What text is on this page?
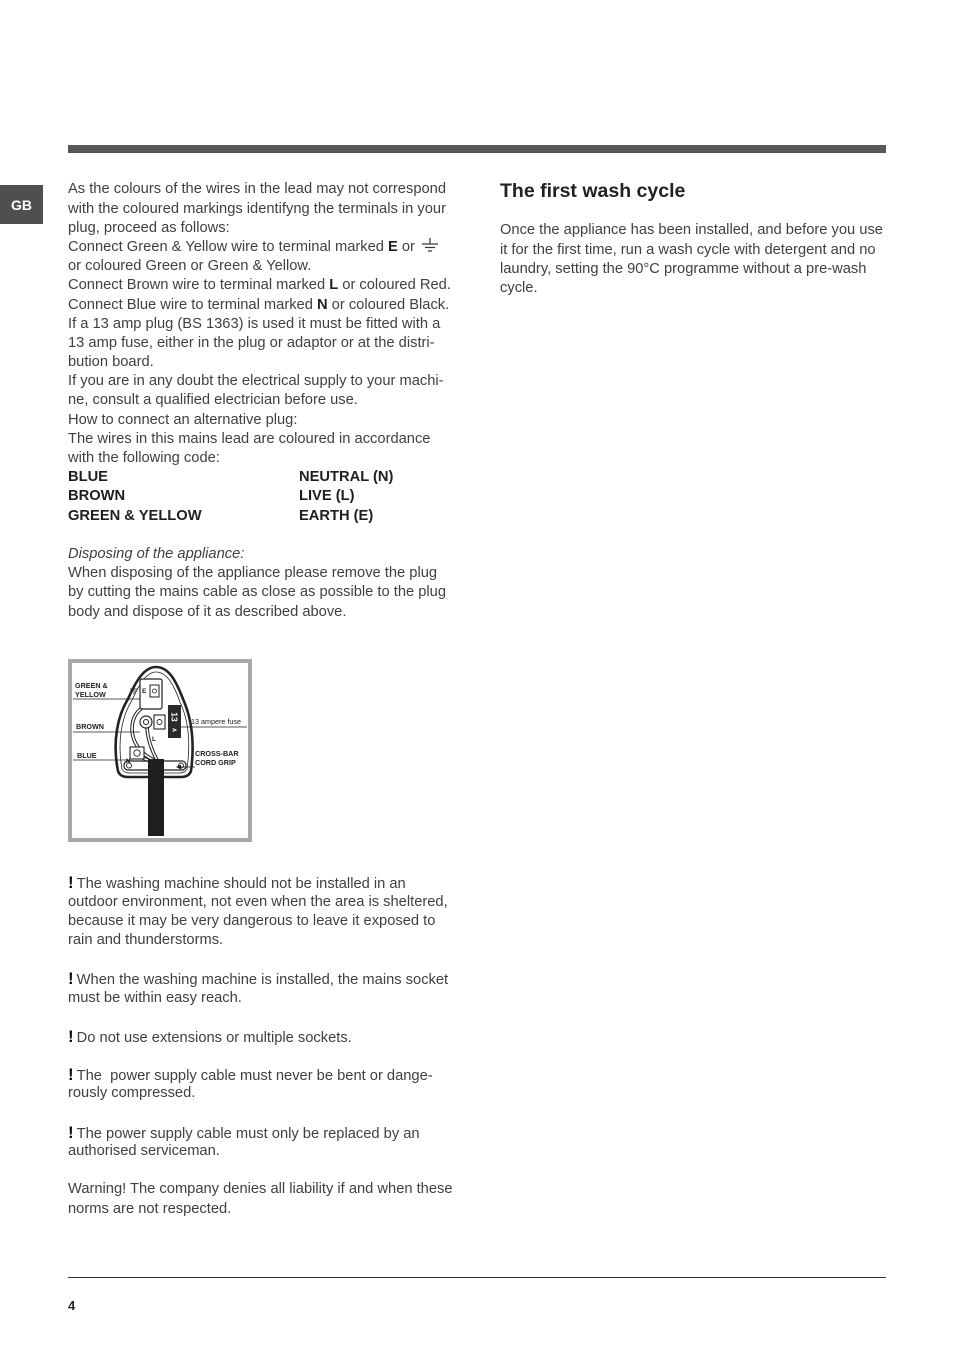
GB
As the colours of the wires in the lead may not correspond
with the coloured markings identifyng the terminals in your
plug, proceed as follows:
Connect Green & Yellow wire to terminal marked E or
or coloured Green or Green & Yellow.
Connect Brown wire to terminal marked L or coloured Red.
Connect Blue wire to terminal marked N or coloured Black.
If a 13 amp plug (BS 1363) is used it must be fitted with a
13 amp fuse, either in the plug or adaptor or at the distri-
bution board.
If you are in any doubt the electrical supply to your machi-
ne, consult a qualified electrician before use.
How to connect an alternative plug:
The wires in this mains lead are coloured in accordance
with the following code:
BLUE	NEUTRAL (N)
BROWN	LIVE (L)
GREEN & YELLOW	EARTH (E)
Disposing of the appliance:
When disposing of the appliance please remove the plug
by cutting the mains cable as close as possible to the plug
body and dispose of it as described above.
E
L
13
A
N
GREEN &
YELLOW
BROWN
BLUE
13 ampere fuse
CROSS-BAR
CORD GRIP
! The washing machine should not be installed in an
outdoor environment, not even when the area is sheltered,
because it may be very dangerous to leave it exposed to
rain and thunderstorms.
! When the washing machine is installed, the mains socket
must be within easy reach.
! Do not use extensions or multiple sockets.
! The  power supply cable must never be bent or dange-
rously compressed.
! The power supply cable must only be replaced by an
authorised serviceman.
Warning! The company denies all liability if and when these
norms are not respected.
The first wash cycle
Once the appliance has been installed, and before you use
it for the first time, run a wash cycle with detergent and no
laundry, setting the 90°C programme without a pre-wash
cycle.
4
